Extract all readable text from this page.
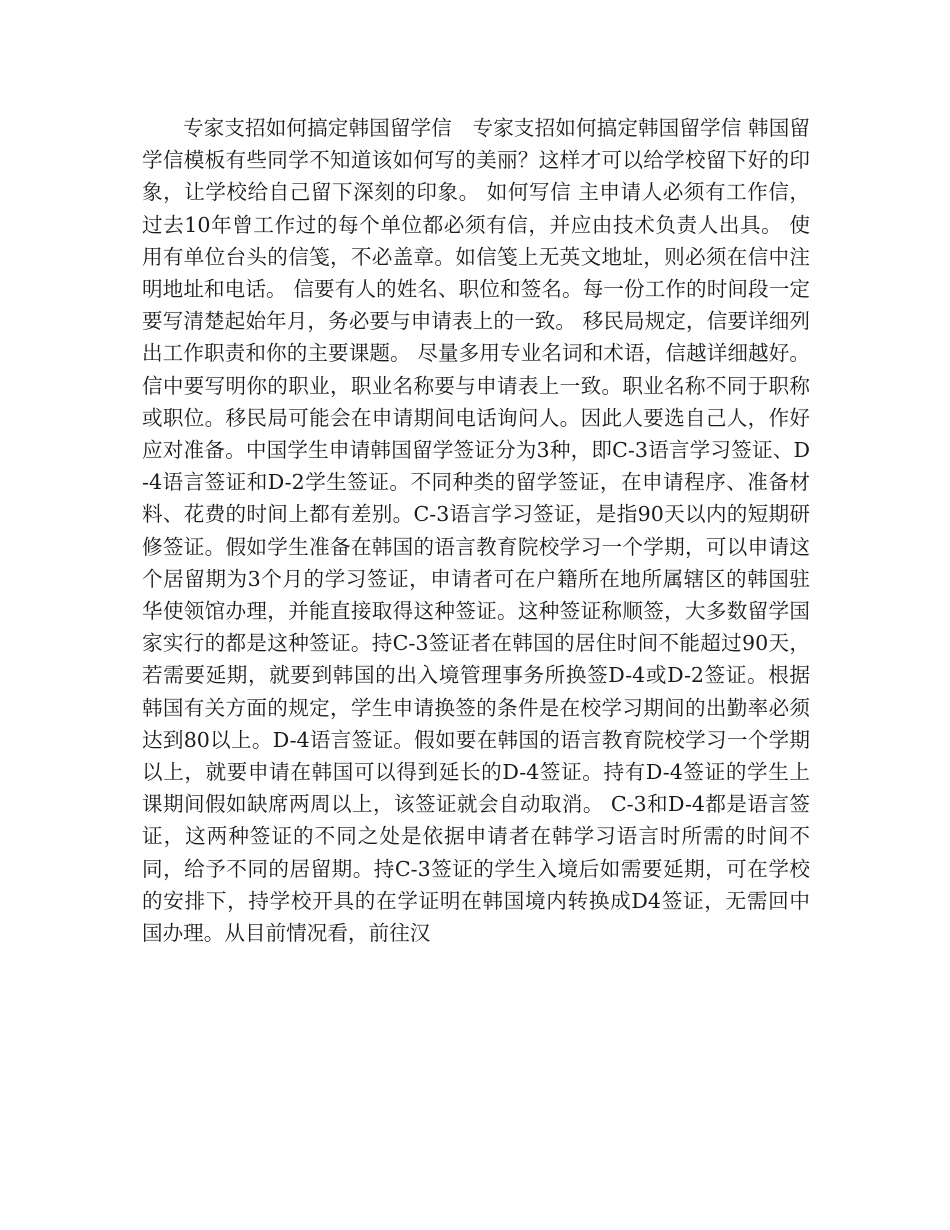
专家支招如何搞定韩国留学信　专家支招如何搞定韩国留学信 韩国留学信模板有些同学不知道该如何写的美丽？这样才可以给学校留下好的印象，让学校给自己留下深刻的印象。 如何写信 主申请人必须有工作信，过去10年曾工作过的每个单位都必须有信，并应由技术负责人出具。 使用有单位台头的信笺，不必盖章。如信笺上无英文地址，则必须在信中注明地址和电话。 信要有人的姓名、职位和签名。每一份工作的时间段一定要写清楚起始年月，务必要与申请表上的一致。 移民局规定，信要详细列出工作职责和你的主要课题。 尽量多用专业名词和术语，信越详细越好。 信中要写明你的职业，职业名称要与申请表上一致。职业名称不同于职称或职位。移民局可能会在申请期间电话询问人。因此人要选自己人，作好应对准备。中国学生申请韩国留学签证分为3种，即C-3语言学习签证、D-4语言签证和D-2学生签证。不同种类的留学签证，在申请程序、准备材料、花费的时间上都有差别。C-3语言学习签证，是指90天以内的短期研修签证。假如学生准备在韩国的语言教育院校学习一个学期，可以申请这个居留期为3个月的学习签证，申请者可在户籍所在地所属辖区的韩国驻华使领馆办理，并能直接取得这种签证。这种签证称顺签，大多数留学国家实行的都是这种签证。持C-3签证者在韩国的居住时间不能超过90天，若需要延期，就要到韩国的出入境管理事务所换签D-4或D-2签证。根据韩国有关方面的规定，学生申请换签的条件是在校学习期间的出勤率必须达到80以上。D-4语言签证。假如要在韩国的语言教育院校学习一个学期以上，就要申请在韩国可以得到延长的D-4签证。持有D-4签证的学生上课期间假如缺席两周以上，该签证就会自动取消。 C-3和D-4都是语言签证，这两种签证的不同之处是依据申请者在韩学习语言时所需的时间不同，给予不同的居留期。持C-3签证的学生入境后如需要延期，可在学校的安排下，持学校开具的在学证明在韩国境内转换成D4签证，无需回中国办理。从目前情况看，前往汉
